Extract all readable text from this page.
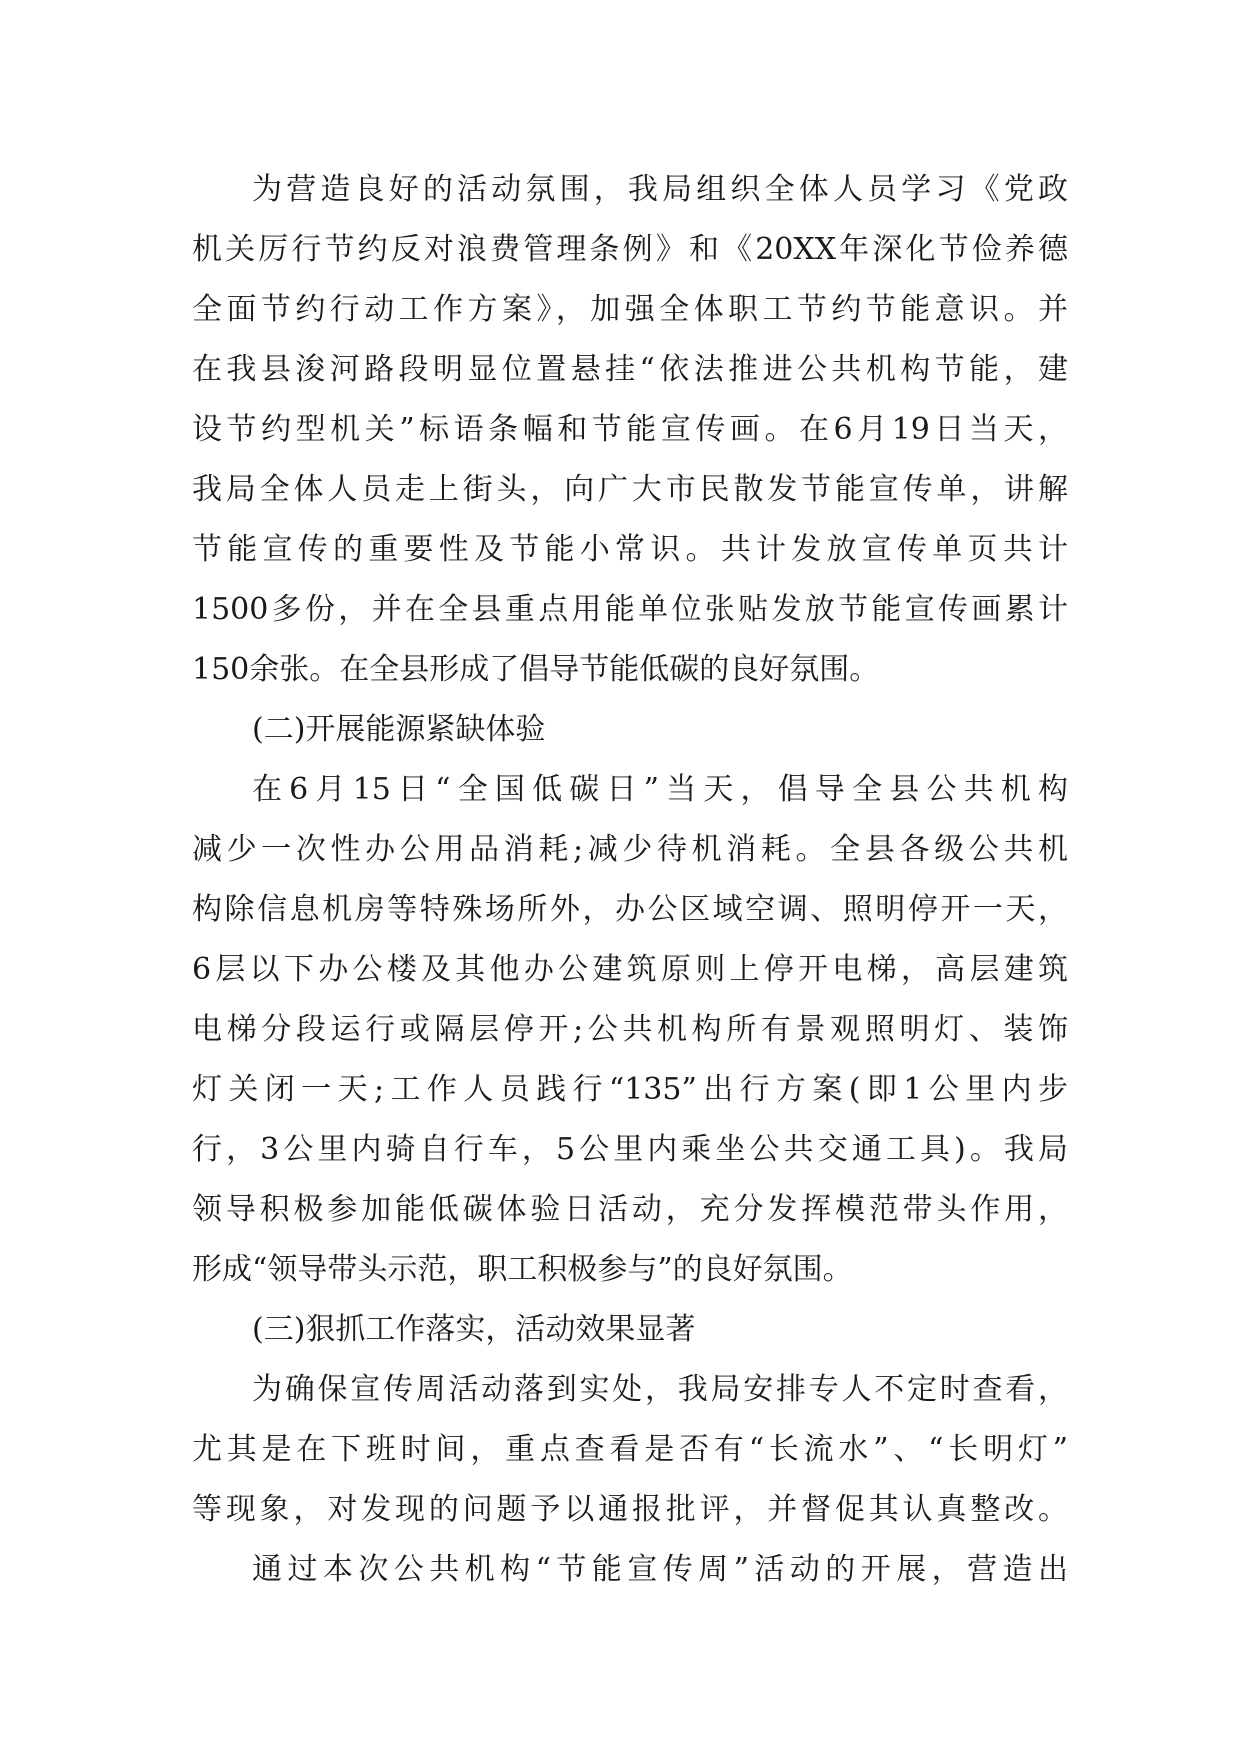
为营造良好的活动氛围，我局组织全体人员学习《党政
机关厉行节约反对浪费管理条例》和《20XX年深化节俭养德
全面节约行动工作方案》，加强全体职工节约节能意识。并
在我县浚河路段明显位置悬挂“依法推进公共机构节能，建
设节约型机关”标语条幅和节能宣传画。在6月19日当天，
我局全体人员走上街头，向广大市民散发节能宣传单，讲解
节能宣传的重要性及节能小常识。共计发放宣传单页共计
1500多份，并在全县重点用能单位张贴发放节能宣传画累计
150余张。在全县形成了倡导节能低碳的良好氛围。
(二)开展能源紧缺体验
在6月15日“全国低碳日”当天，倡导全县公共机构
减少一次性办公用品消耗;减少待机消耗。全县各级公共机
构除信息机房等特殊场所外，办公区域空调、照明停开一天，
6层以下办公楼及其他办公建筑原则上停开电梯，高层建筑
电梯分段运行或隔层停开;公共机构所有景观照明灯、装饰
灯关闭一天;工作人员践行“135”出行方案(即1公里内步
行，3公里内骑自行车，5公里内乘坐公共交通工具)。我局
领导积极参加能低碳体验日活动，充分发挥模范带头作用，
形成“领导带头示范，职工积极参与”的良好氛围。
(三)狠抓工作落实，活动效果显著
为确保宣传周活动落到实处，我局安排专人不定时查看，
尤其是在下班时间，重点查看是否有“长流水”、“长明灯”
等现象，对发现的问题予以通报批评，并督促其认真整改。
通过本次公共机构“节能宣传周”活动的开展，营造出
